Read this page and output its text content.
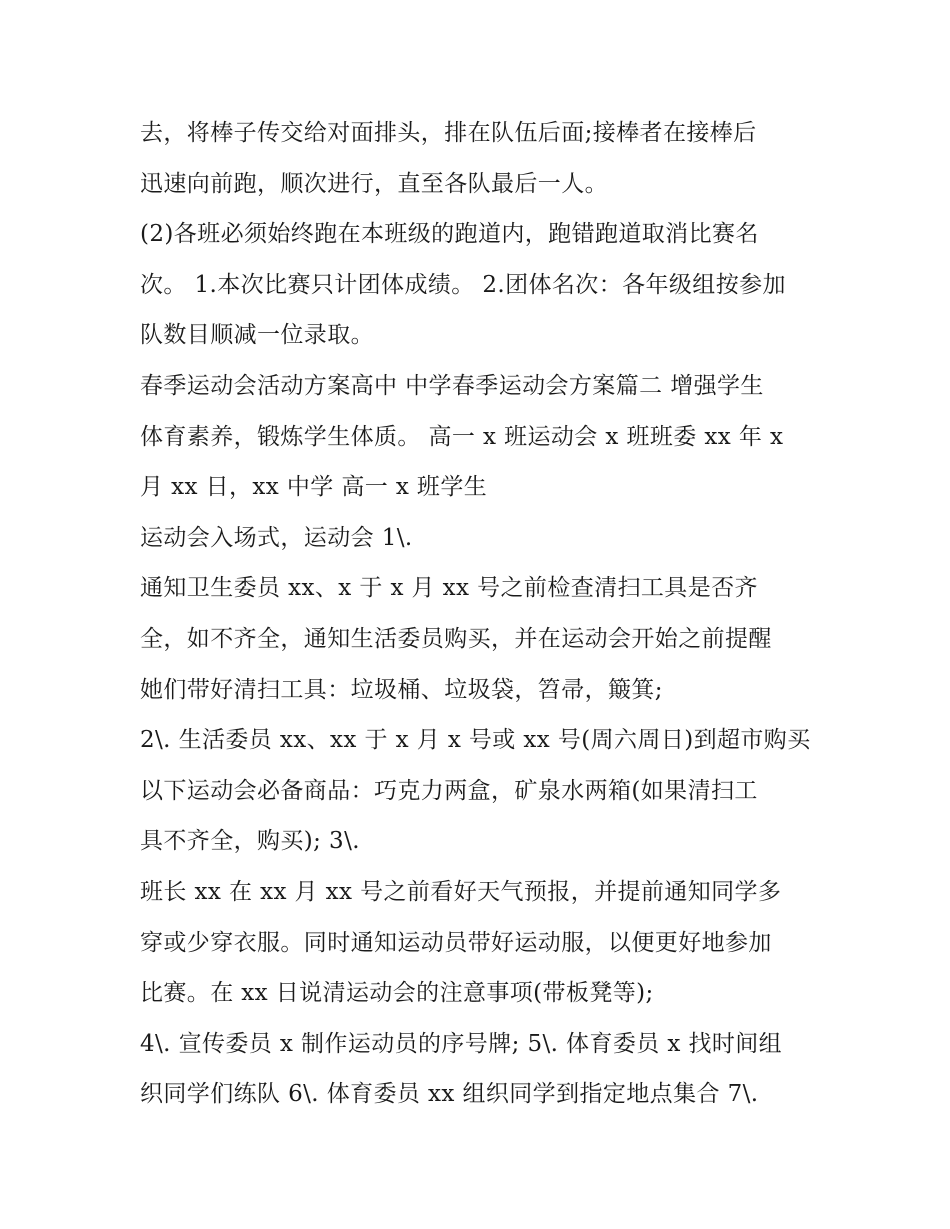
去，将棒子传交给对面排头，排在队伍后面;接棒者在接棒后
迅速向前跑，顺次进行，直至各队最后一人。
(2)各班必须始终跑在本班级的跑道内，跑错跑道取消比赛名
次。 1.本次比赛只计团体成绩。 2.团体名次：各年级组按参加
队数目顺减一位录取。
春季运动会活动方案高中 中学春季运动会方案篇二 增强学生
体育素养，锻炼学生体质。 高一 x 班运动会 x 班班委 xx 年 x
月 xx 日，xx 中学 高一 x 班学生
运动会入场式，运动会 1\.
通知卫生委员 xx、x 于 x 月 xx 号之前检查清扫工具是否齐
全，如不齐全，通知生活委员购买，并在运动会开始之前提醒
她们带好清扫工具：垃圾桶、垃圾袋，笤帚，簸箕;
2\. 生活委员 xx、xx 于 x 月 x 号或 xx 号(周六周日)到超市购买
以下运动会必备商品：巧克力两盒，矿泉水两箱(如果清扫工
具不齐全，购买); 3\.
班长 xx 在 xx 月 xx 号之前看好天气预报，并提前通知同学多
穿或少穿衣服。同时通知运动员带好运动服，以便更好地参加
比赛。在 xx 日说清运动会的注意事项(带板凳等);
4\. 宣传委员 x 制作运动员的序号牌; 5\. 体育委员 x 找时间组
织同学们练队 6\. 体育委员 xx 组织同学到指定地点集合 7\.
